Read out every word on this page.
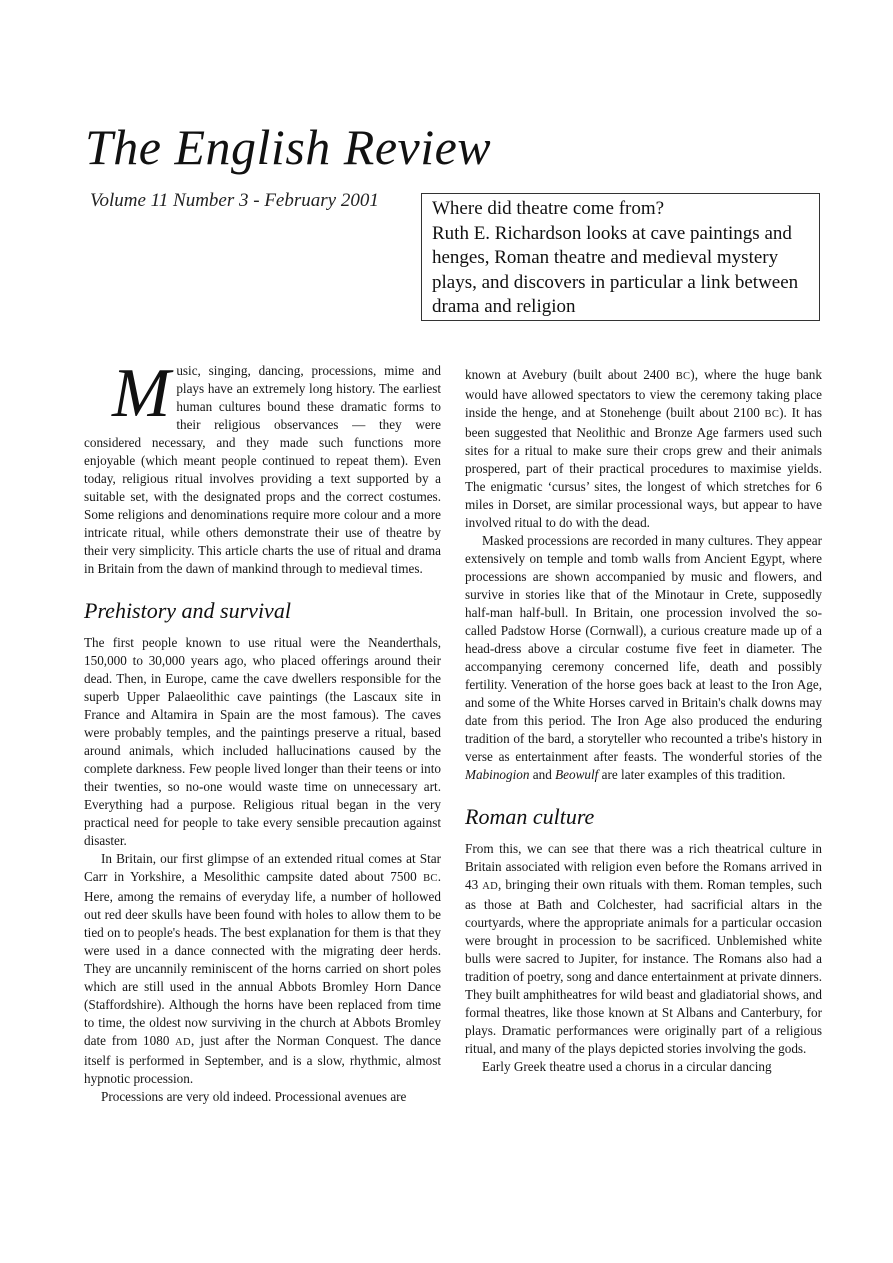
The English Review
Volume 11 Number 3 - February 2001	Where did theatre come from?
Ruth E. Richardson looks at cave paintings and henges, Roman theatre and medieval mystery plays, and discovers in particular a link between drama and religion

Music, singing, dancing, processions, mime and plays have an extremely long history. The earliest human cultures bound these dramatic forms to their religious observances — they were considered necessary, and they made such functions more enjoyable (which meant people continued to repeat them). Even today, religious ritual involves providing a text supported by a suitable set, with the designated props and the correct costumes. Some religions and denominations require more colour and a more intricate ritual, while others demonstrate their use of theatre by their very simplicity. This article charts the use of ritual and drama in Britain from the dawn of mankind through to medieval times.

Prehistory and survival

The first people known to use ritual were the Neanderthals, 150,000 to 30,000 years ago, who placed offerings around their dead. Then, in Europe, came the cave dwellers responsible for the superb Upper Palaeolithic cave paintings (the Lascaux site in France and Altamira in Spain are the most famous). The caves were probably temples, and the paintings preserve a ritual, based around animals, which included hallucinations caused by the complete darkness. Few people lived longer than their teens or into their twenties, so no-one would waste time on unnecessary art. Everything had a purpose. Religious ritual began in the very practical need for people to take every sensible precaution against disaster.

In Britain, our first glimpse of an extended ritual comes at Star Carr in Yorkshire, a Mesolithic campsite dated about 7500 BC. Here, among the remains of everyday life, a number of hollowed out red deer skulls have been found with holes to allow them to be tied on to people's heads. The best explanation for them is that they were used in a dance connected with the migrating deer herds. They are uncannily reminiscent of the horns carried on short poles which are still used in the annual Abbots Bromley Horn Dance (Staffordshire). Although the horns have been replaced from time to time, the oldest now surviving in the church at Abbots Bromley date from 1080 AD, just after the Norman Conquest. The dance itself is performed in September, and is a slow, rhythmic, almost hypnotic procession.

Processions are very old indeed. Processional avenues are

known at Avebury (built about 2400 BC), where the huge bank would have allowed spectators to view the ceremony taking place inside the henge, and at Stonehenge (built about 2100 BC). It has been suggested that Neolithic and Bronze Age farmers used such sites for a ritual to make sure their crops grew and their animals prospered, part of their practical procedures to maximise yields. The enigmatic ‘cursus’ sites, the longest of which stretches for 6 miles in Dorset, are similar processional ways, but appear to have involved ritual to do with the dead.

Masked processions are recorded in many cultures. They appear extensively on temple and tomb walls from Ancient Egypt, where processions are shown accompanied by music and flowers, and survive in stories like that of the Minotaur in Crete, supposedly half-man half-bull. In Britain, one procession involved the so-called Padstow Horse (Cornwall), a curious creature made up of a head-dress above a circular costume five feet in diameter. The accompanying ceremony concerned life, death and possibly fertility. Veneration of the horse goes back at least to the Iron Age, and some of the White Horses carved in Britain's chalk downs may date from this period. The Iron Age also produced the enduring tradition of the bard, a storyteller who recounted a tribe's history in verse as entertainment after feasts. The wonderful stories of the Mabinogion and Beowulf are later examples of this tradition.

Roman culture

From this, we can see that there was a rich theatrical culture in Britain associated with religion even before the Romans arrived in 43 AD, bringing their own rituals with them. Roman temples, such as those at Bath and Colchester, had sacrificial altars in the courtyards, where the appropriate animals for a particular occasion were brought in procession to be sacrificed. Unblemished white bulls were sacred to Jupiter, for instance. The Romans also had a tradition of poetry, song and dance entertainment at private dinners. They built amphitheatres for wild beast and gladiatorial shows, and formal theatres, like those known at St Albans and Canterbury, for plays. Dramatic performances were originally part of a religious ritual, and many of the plays depicted stories involving the gods.

Early Greek theatre used a chorus in a circular dancing
